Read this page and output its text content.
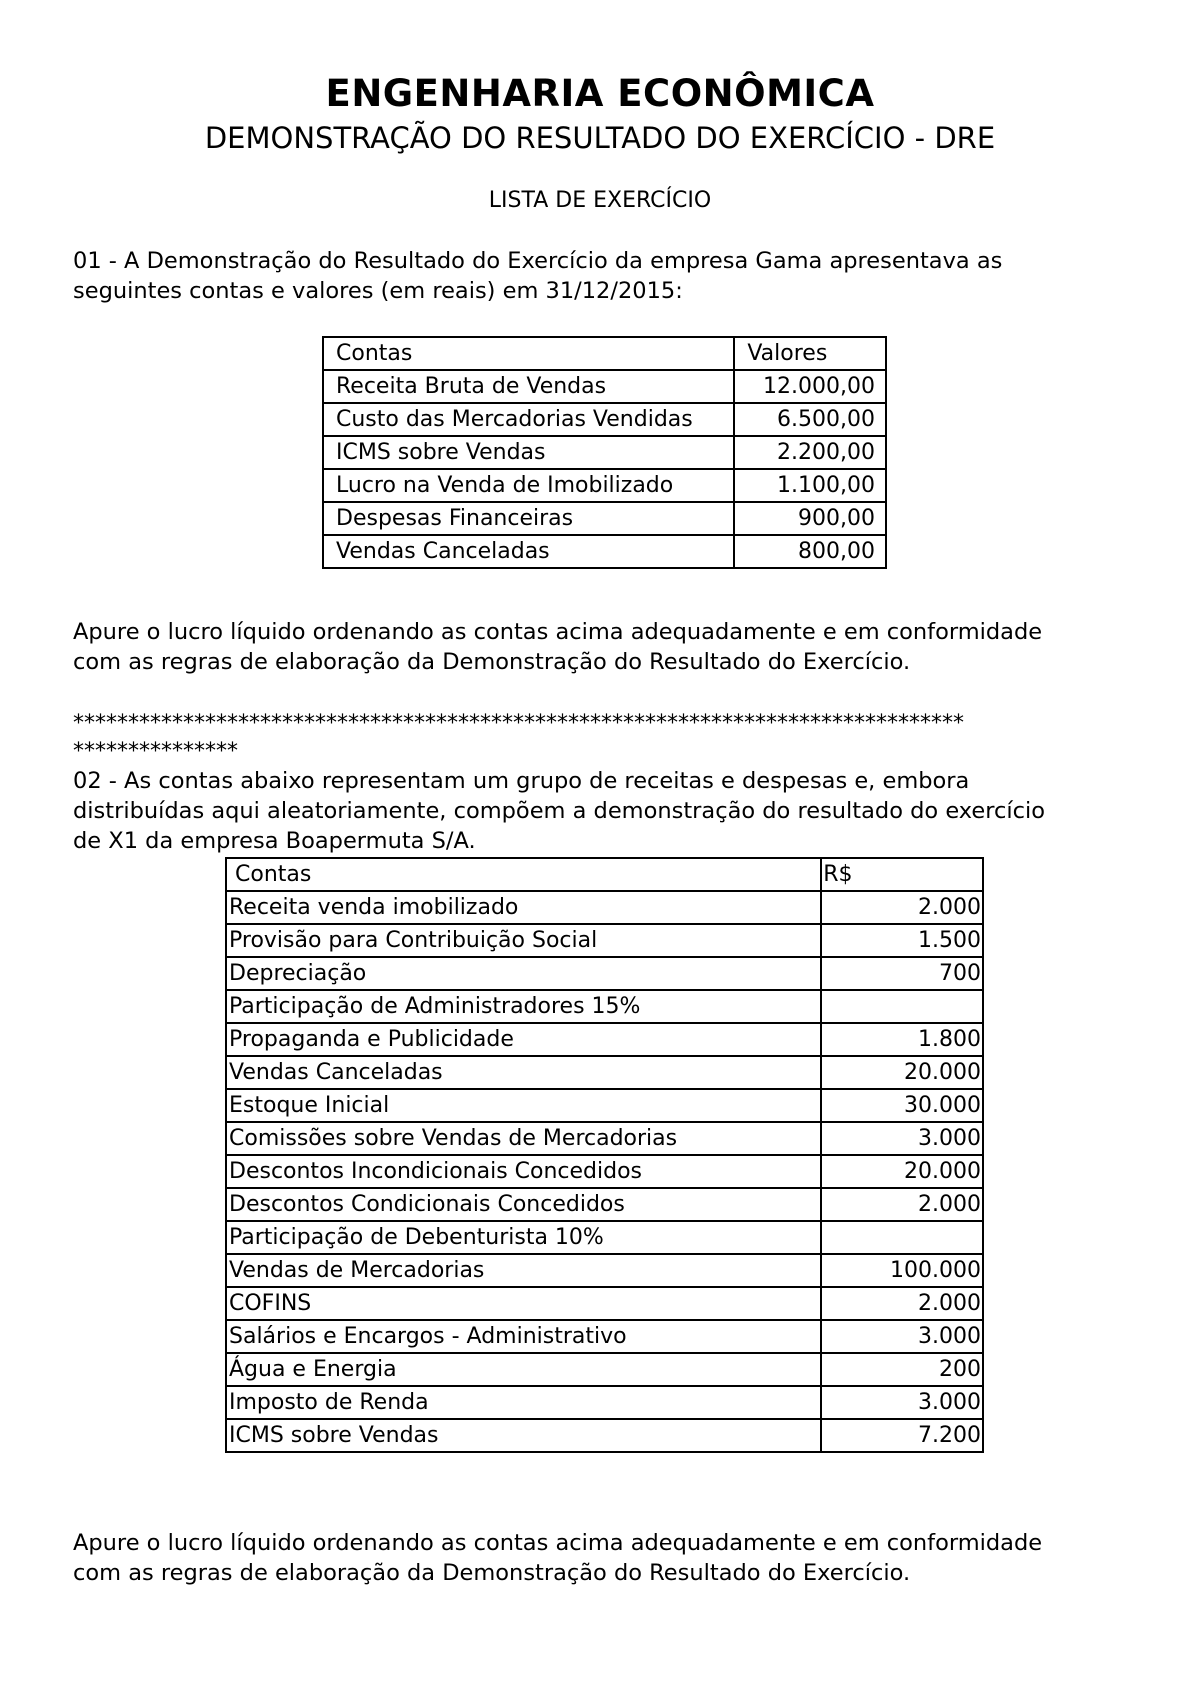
ENGENHARIA ECONÔMICA
DEMONSTRAÇÃO DO RESULTADO DO EXERCÍCIO - DRE
LISTA DE EXERCÍCIO
01 - A Demonstração do Resultado do Exercício da empresa Gama apresentava as
seguintes contas e valores (em reais) em 31/12/2015:
Contas	Valores
Receita Bruta de Vendas	12.000,00
Custo das Mercadorias Vendidas	6.500,00
ICMS sobre Vendas	2.200,00
Lucro na Venda de Imobilizado	1.100,00
Despesas Financeiras	900,00
Vendas Canceladas	800,00
Apure o lucro líquido ordenando as contas acima adequadamente e em conformidade
com as regras de elaboração da Demonstração do Resultado do Exercício.
*********************************************************************************
***************
02 - As contas abaixo representam um grupo de receitas e despesas e, embora
distribuídas aqui aleatoriamente, compõem a demonstração do resultado do exercício
de X1 da empresa Boapermuta S/A.
Contas	R$
Receita venda imobilizado	2.000
Provisão para Contribuição Social	1.500
Depreciação	700
Participação de Administradores 15%	
Propaganda e Publicidade	1.800
Vendas Canceladas	20.000
Estoque Inicial	30.000
Comissões sobre Vendas de Mercadorias	3.000
Descontos Incondicionais Concedidos	20.000
Descontos Condicionais Concedidos	2.000
Participação de Debenturista 10%	
Vendas de Mercadorias	100.000
COFINS	2.000
Salários e Encargos - Administrativo	3.000
Água e Energia	200
Imposto de Renda	3.000
ICMS sobre Vendas	7.200
Apure o lucro líquido ordenando as contas acima adequadamente e em conformidade
com as regras de elaboração da Demonstração do Resultado do Exercício.
